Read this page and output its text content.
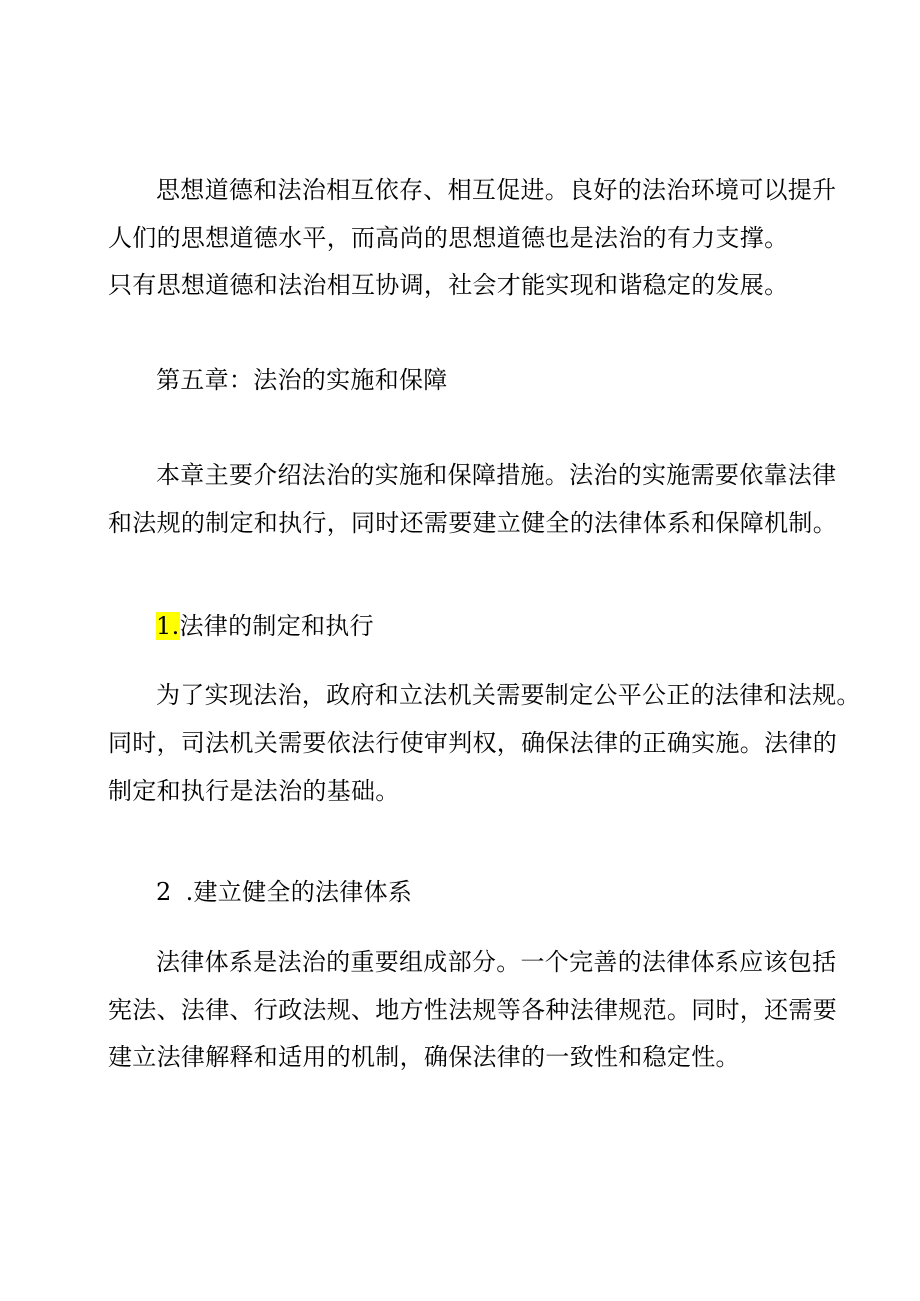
思想道德和法治相互依存、相互促进。良好的法治环境可以提升
人们的思想道德水平，而高尚的思想道德也是法治的有力支撑。
只有思想道德和法治相互协调，社会才能实现和谐稳定的发展。
第五章：法治的实施和保障
本章主要介绍法治的实施和保障措施。法治的实施需要依靠法律
和法规的制定和执行，同时还需要建立健全的法律体系和保障机制。
1.法律的制定和执行
为了实现法治，政府和立法机关需要制定公平公正的法律和法规。
同时，司法机关需要依法行使审判权，确保法律的正确实施。法律的
制定和执行是法治的基础。
2 .建立健全的法律体系
法律体系是法治的重要组成部分。一个完善的法律体系应该包括
宪法、法律、行政法规、地方性法规等各种法律规范。同时，还需要
建立法律解释和适用的机制，确保法律的一致性和稳定性。
